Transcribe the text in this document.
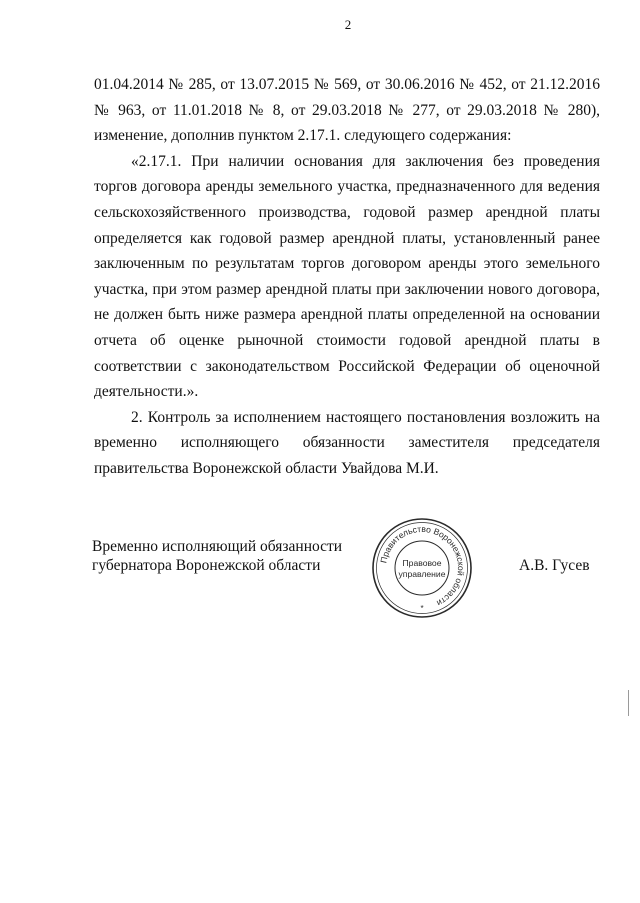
2

01.04.2014 № 285, от 13.07.2015 № 569, от 30.06.2016 № 452, от 21.12.2016
№ 963, от 11.01.2018 № 8, от 29.03.2018 № 277, от 29.03.2018 № 280),
изменение, дополнив пунктом 2.17.1. следующего содержания:

«2.17.1. При наличии основания для заключения без проведения
торгов договора аренды земельного участка, предназначенного для ведения
сельскохозяйственного производства, годовой размер арендной платы
определяется как годовой размер арендной платы, установленный ранее
заключенным по результатам торгов договором аренды этого земельного
участка, при этом размер арендной платы при заключении нового договора,
не должен быть ниже размера арендной платы определенной на основании
отчета об оценке рыночной стоимости годовой арендной платы в
соответствии с законодательством Российской Федерации об оценочной
деятельности.».

2. Контроль за исполнением настоящего постановления возложить на
временно исполняющего обязанности заместителя председателя
правительства Воронежской области Увайдова М.И.

Временно исполняющий обязанности
губернатора Воронежской области	Правительство Воронежской области
Правовое
управление
*
А.В. Гусев
